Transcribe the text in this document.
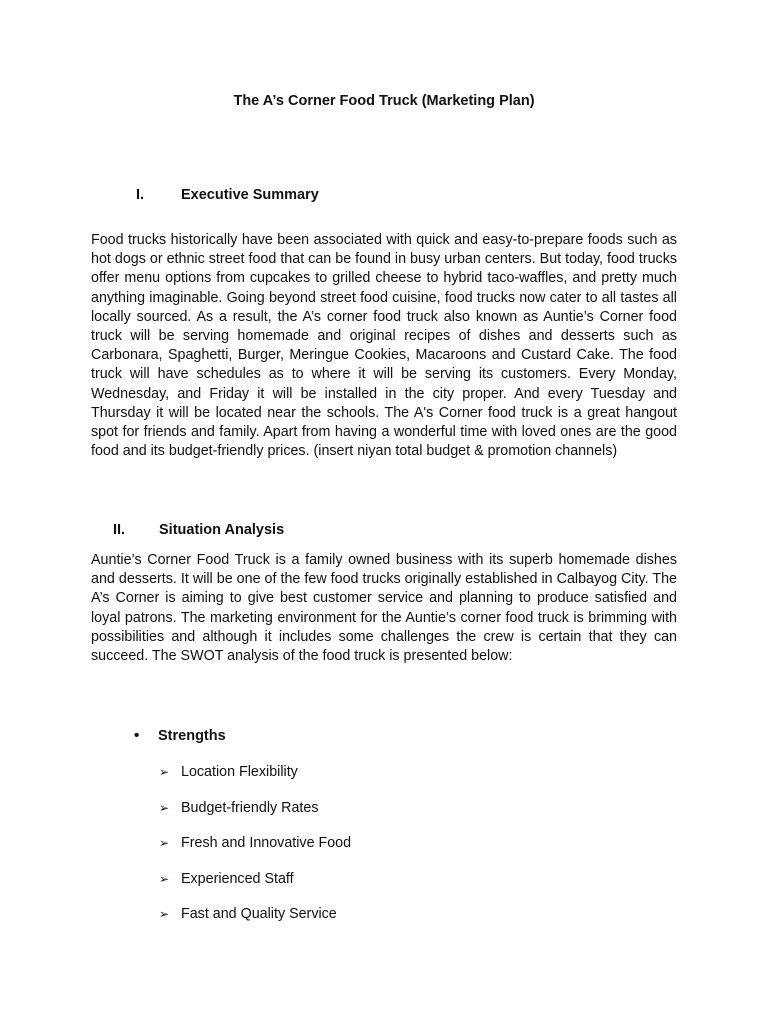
The A’s Corner Food Truck (Marketing Plan)
I.	Executive Summary

Food trucks historically have been associated with quick and easy-to-prepare foods such as hot dogs or ethnic street food that can be found in busy urban centers. But today, food trucks offer menu options from cupcakes to grilled cheese to hybrid taco-waffles, and pretty much anything imaginable. Going beyond street food cuisine, food trucks now cater to all tastes all locally sourced. As a result, the A’s corner food truck also known as Auntie’s Corner food truck will be serving homemade and original recipes of dishes and desserts such as Carbonara, Spaghetti, Burger, Meringue Cookies, Macaroons and Custard Cake. The food truck will have schedules as to where it will be serving its customers. Every Monday, Wednesday, and Friday it will be installed in the city proper. And every Tuesday and Thursday it will be located near the schools. The A's Corner food truck is a great hangout spot for friends and family. Apart from having a wonderful time with loved ones are the good food and its budget-friendly prices. (insert niyan total budget & promotion channels)

II. Situation Analysis

Auntie’s Corner Food Truck is a family owned business with its superb homemade dishes and desserts. It will be one of the few food trucks originally established in Calbayog City. The A’s Corner is aiming to give best customer service and planning to produce satisfied and loyal patrons. The marketing environment for the Auntie’s corner food truck is brimming with possibilities and although it includes some challenges the crew is certain that they can succeed. The SWOT analysis of the food truck is presented below:

• Strengths
➢ Location Flexibility
➢ Budget-friendly Rates
➢ Fresh and Innovative Food
➢ Experienced Staff
➢ Fast and Quality Service
